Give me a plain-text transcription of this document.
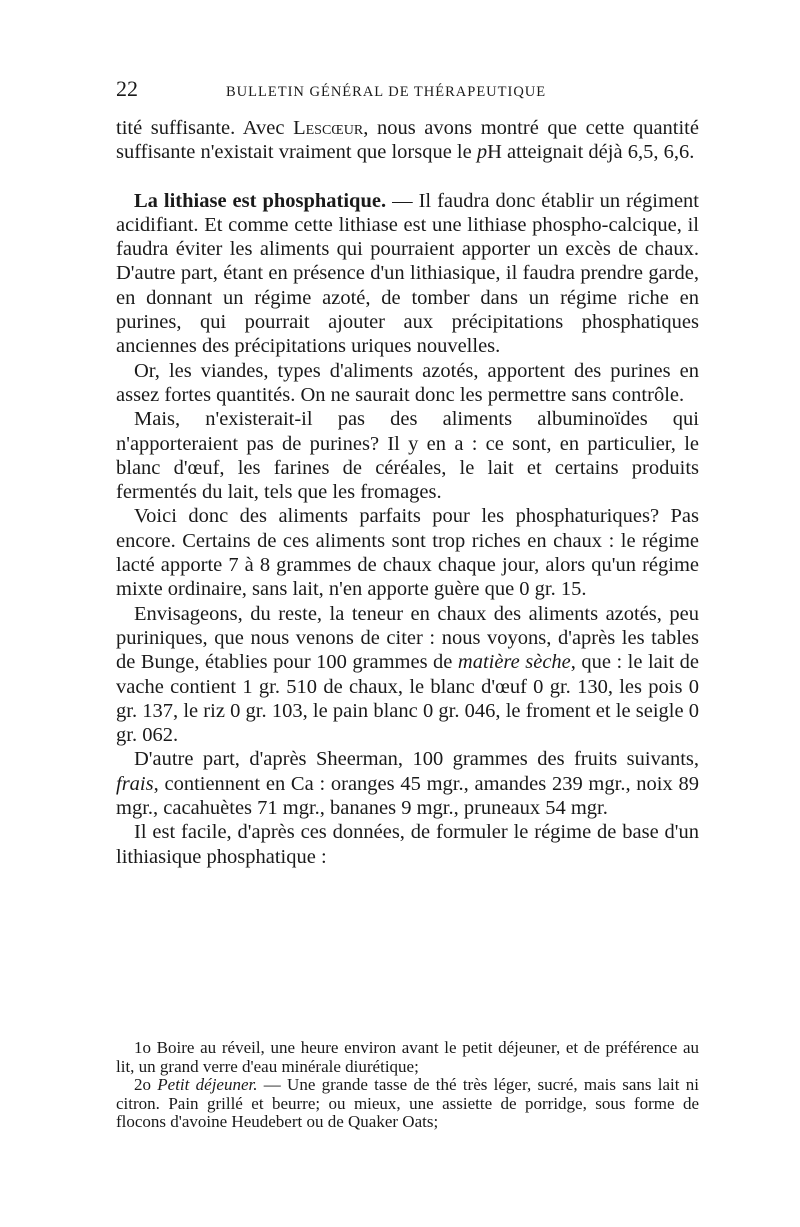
22	BULLETIN GÉNÉRAL DE THÉRAPEUTIQUE

tité suffisante. Avec Lescœur, nous avons montré que cette quantité suffisante n'existait vraiment que lorsque le pH atteignait déjà 6,5, 6,6.

La lithiase est phosphatique. — Il faudra donc établir un régiment acidifiant. Et comme cette lithiase est une lithiase phospho-calcique, il faudra éviter les aliments qui pourraient apporter un excès de chaux. D'autre part, étant en présence d'un lithiasique, il faudra prendre garde, en donnant un régime azoté, de tomber dans un régime riche en purines, qui pourrait ajouter aux précipitations phosphatiques anciennes des précipitations uriques nouvelles.

Or, les viandes, types d'aliments azotés, apportent des purines en assez fortes quantités. On ne saurait donc les permettre sans contrôle.

Mais, n'existerait-il pas des aliments albuminoïdes qui n'apporteraient pas de purines? Il y en a : ce sont, en particulier, le blanc d'œuf, les farines de céréales, le lait et certains produits fermentés du lait, tels que les fromages.

Voici donc des aliments parfaits pour les phosphaturiques? Pas encore. Certains de ces aliments sont trop riches en chaux : le régime lacté apporte 7 à 8 grammes de chaux chaque jour, alors qu'un régime mixte ordinaire, sans lait, n'en apporte guère que 0 gr. 15.

Envisageons, du reste, la teneur en chaux des aliments azotés, peu puriniques, que nous venons de citer : nous voyons, d'après les tables de Bunge, établies pour 100 grammes de matière sèche, que : le lait de vache contient 1 gr. 510 de chaux, le blanc d'œuf 0 gr. 130, les pois 0 gr. 137, le riz 0 gr. 103, le pain blanc 0 gr. 046, le froment et le seigle 0 gr. 062.

D'autre part, d'après Sheerman, 100 grammes des fruits suivants, frais, contiennent en Ca : oranges 45 mgr., amandes 239 mgr., noix 89 mgr., cacahuètes 71 mgr., bananes 9 mgr., pruneaux 54 mgr.

Il est facile, d'après ces données, de formuler le régime de base d'un lithiasique phosphatique :

1o Boire au réveil, une heure environ avant le petit déjeuner, et de préférence au lit, un grand verre d'eau minérale diurétique;

2o Petit déjeuner. — Une grande tasse de thé très léger, sucré, mais sans lait ni citron. Pain grillé et beurre; ou mieux, une assiette de porridge, sous forme de flocons d'avoine Heudebert ou de Quaker Oats;
